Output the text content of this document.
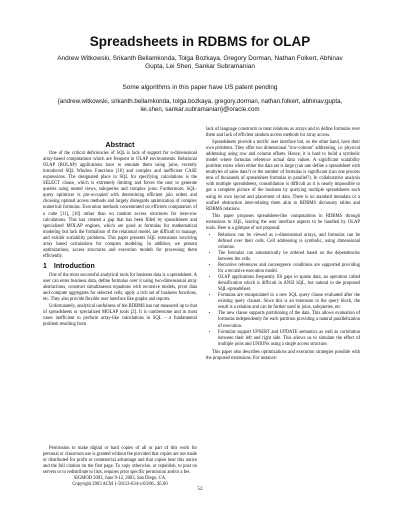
Spreadsheets in RDBMS for OLAP

Andrew Witkowski, Srikanth Bellamkonda, Tolga Bozkaya, Gregory Dorman, Nathan Folkert, Abhinav Gupta, Lei Shen, Sankar Subramanian

Some algorithms in this paper have US patent pending

{andrew.witkowski, srikanth.bellamkonda, tolga.bozkaya, gregory.dorman, nathan.folkert, abhinav.gupta, lei.shen, sankar.subramanian}@oracle.com

Abstract

One of the critical deficiencies of SQL is lack of support for n-dimensional array-based computations which are frequent in OLAP environments. Relational OLAP (ROLAP) applications have to emulate them using joins, recently introduced SQL Window Functions [18] and complex and inefficient CASE expressions. The designated place in SQL for specifying calculations is the SELECT clause, which is extremely limiting and forces the user to generate queries using nested views, subqueries and complex joins. Furthermore, SQL-query optimizer is pre-occupied with determining efficient join orders and choosing optimal access methods and largely disregards optimization of complex numerical formulas. Execution methods concentrated on efficient computation of a cube [11], [16] rather than on random access structures for inter-row calculations. This has created a gap that has been filled by spreadsheets and specialized MOLAP engines, which are good at formulas for mathematical modeling but lack the formalism of the relational model, are difficult to manage, and exhibit scalability problems. This paper presents SQL extensions involving array based calculations for complex modeling. In addition, we present optimizations, access structures and execution models for processing them efficiently.

1 Introduction

One of the most successful analytical tools for business data is a spreadsheet. A user can enter business data, define formulas over it using two-dimensional array abstractions, construct simultaneous equations with recursive models, pivot data and compute aggregates for selected cells, apply a rich set of business functions, etc. They also provide flexible user interface like graphs and reports.

Unfortunately, analytical usefulness of the RDBMS has not measured up to that of spreadsheets or specialized MOLAP tools [2]. It is cumbersome and in most cases inefficient to perform array-like calculations in SQL – a fundamental problem resulting from

Permission to make digital or hard copies of all or part of this work for personal or classroom use is granted without fee provided that copies are not made or distributed for profit or commercial advantage and that copies bear this notice and the full citation on the first page. To copy otherwise, or republish, to post on servers or to redistribute to lists, requires prior specific permission and/or a fee.

SIGMOD 2003, June 9-12, 2003, San Diego, CA.

Copyright 2003 ACM 1-58113-634-x/03/06...$5.00

lack of language constructs to treat relations as arrays and to define formulas over them and lack of efficient random access methods for array access.

Spreadsheets provide a terrific user interface but, on the other hand, have their own problems. They offer two dimensional "row-column" addressing, i.e. physical addressing using row and column offsets. Hence, it is hard to build a symbolic model where formulas reference actual data values. A significant scalability problem exists when either the data set is large (can one define a spreadsheet with terabytes of sales data?) or the number of formulas is significant (can one process tens of thousands of spreadsheet formulas in parallel?). In collaborative analysis with multiple spreadsheets, consolidation is difficult as it is nearly impossible to get a complete picture of the business by querying multiple spreadsheets each using its own layout and placement of data. There is no standard metadata or a unified abstraction inter-relating them akin to RDBMS dictionary tables and RDBMS relations.

This paper proposes spreadsheet-like computations in RDBMS through extensions to SQL, leaving the user interface aspects to be handled by OLAP tools. Here is a glimpse of our proposal:

• Relations can be viewed as n-dimensional arrays, and formulas can be defined over their cells. Cell addressing is symbolic, using dimensional columns.
• The formulas can automatically be ordered based on the dependencies between the cells.
• Recursive references and convergence conditions are supported providing for a recursive execution model.
• OLAP applications frequently fill gaps in sparse data, an operation called densification which is difficult in ANSI SQL, but natural in the proposed SQL-spreadsheet.
• Formulas are encapsulated in a new SQL query clause evaluated after the existing query clauses. Since this is an extension to the query block, the result is a relation and can be further used in joins, subqueries, etc.
• The new clause supports partitioning of the data. This allows evaluation of formulas independently for each partition providing a natural parallelization of execution.
• Formulas support UPSERT and UPDATE semantics as well as correlation between their left and right side. This allows us to simulate the effect of multiple joins and UNIONs using a single access structure.

This paper also describes optimizations and execution strategies possible with the proposed extensions. For instance:

52
